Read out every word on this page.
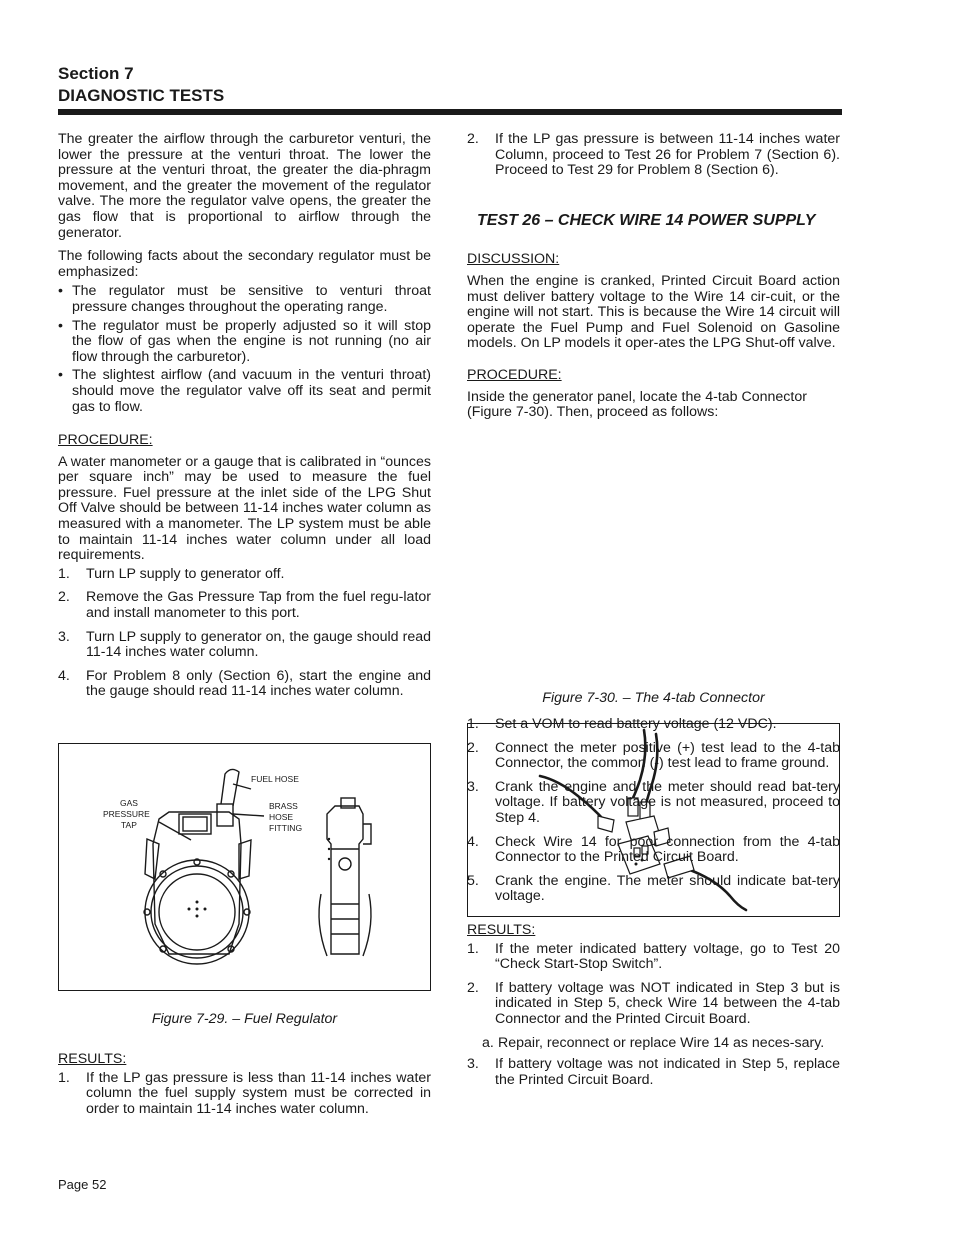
Section 7
DIAGNOSTIC TESTS

The greater the airflow through the carburetor venturi, the lower the pressure at the venturi throat. The lower the pressure at the venturi throat, the greater the dia-phragm movement, and the greater the movement of the regulator valve. The more the regulator valve opens, the greater the gas flow that is proportional to airflow through the generator.

The following facts about the secondary regulator must be emphasized:

• The regulator must be sensitive to venturi throat pressure changes throughout the operating range.
• The regulator must be properly adjusted so it will stop the flow of gas when the engine is not running (no air flow through the carburetor).
• The slightest airflow (and vacuum in the venturi throat) should move the regulator valve off its seat and permit gas to flow.
PROCEDURE:

A water manometer or a gauge that is calibrated in “ounces per square inch” may be used to measure the fuel pressure. Fuel pressure at the inlet side of the LPG Shut Off Valve should be between 11-14 inches water column as measured with a manometer. The LP system must be able to maintain 11-14 inches water column under all load requirements.

1.	Turn LP supply to generator off.
2.	Remove the Gas Pressure Tap from the fuel regu-lator and install manometer to this port.
3.	Turn LP supply to generator on, the gauge should read 11-14 inches water column.
4.	For Problem 8 only (Section 6), start the engine and the gauge should read 11-14 inches water column.
FUEL HOSE
GAS
PRESSURE
TAP
BRASS
HOSE
FITTING
Figure 7-29. – Fuel Regulator
RESULTS:
1.	If the LP gas pressure is less than 11-14 inches water column the fuel supply system must be corrected in order to maintain 11-14 inches water column.
2.	If the LP gas pressure is between 11-14 inches water Column, proceed to Test 26 for Problem 7 (Section 6). Proceed to Test 29 for Problem 8 (Section 6).
TEST 26 – CHECK WIRE 14 POWER SUPPLY
DISCUSSION:

When the engine is cranked, Printed Circuit Board action must deliver battery voltage to the Wire 14 cir-cuit, or the engine will not start. This is because the Wire 14 circuit will operate the Fuel Pump and Fuel Solenoid on Gasoline models. On LP models it oper-ates the LPG Shut-off valve.

PROCEDURE:

Inside the generator panel, locate the 4-tab Connector (Figure 7-30). Then, proceed as follows:

Figure 7-30. – The 4-tab Connector
1.	Set a VOM to read battery voltage (12 VDC).
2.	Connect the meter positive (+) test lead to the 4-tab Connector, the common (-) test lead to frame ground.
3.	Crank the engine and the meter should read bat-tery voltage. If battery voltage is not measured, proceed to Step 4.
4.	Check Wire 14 for poor connection from the 4-tab Connector to the Printed Circuit Board.
5.	Crank the engine. The meter should indicate bat-tery voltage.
RESULTS:
1.	If the meter indicated battery voltage, go to Test 20 “Check Start-Stop Switch”.
2.	If battery voltage was NOT indicated in Step 3 but is indicated in Step 5, check Wire 14 between the 4-tab Connector and the Printed Circuit Board.
a. Repair, reconnect or replace Wire 14 as neces-sary.
3.	If battery voltage was not indicated in Step 5, replace the Printed Circuit Board.
Page 52
